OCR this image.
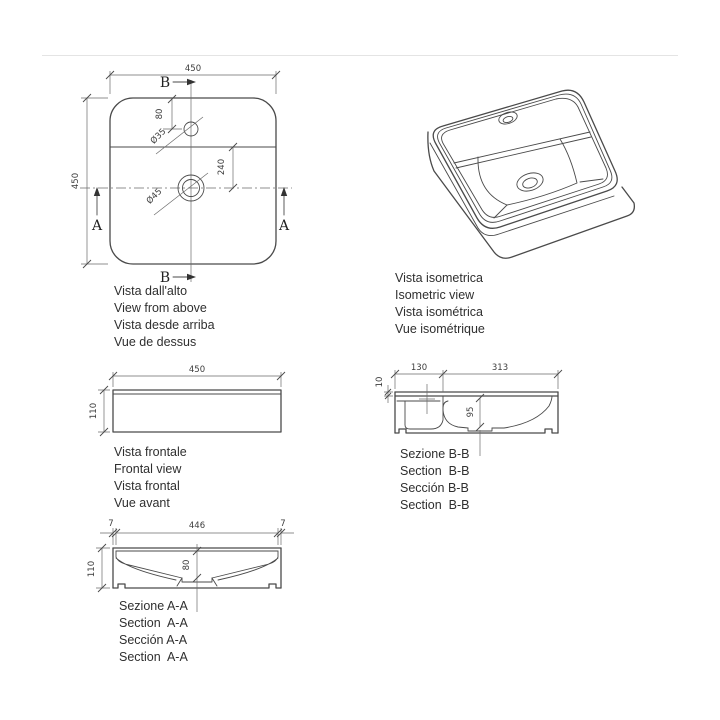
450
450
80
240
Ø35
Ø45
B
B
A	A
Vista dall'alto
View from above
Vista desde arriba
Vue de dessus
Vista isometrica
Isometric view
Vista isométrica
Vue isométrique
450
110
Vista frontale
Frontal view
Vista frontal
Vue avant
130	313
10
95
Sezione B-B
Section  B-B
Sección B-B
Section  B-B
7	446	7
110	80
Sezione A-A
Section  A-A
Sección A-A
Section  A-A
